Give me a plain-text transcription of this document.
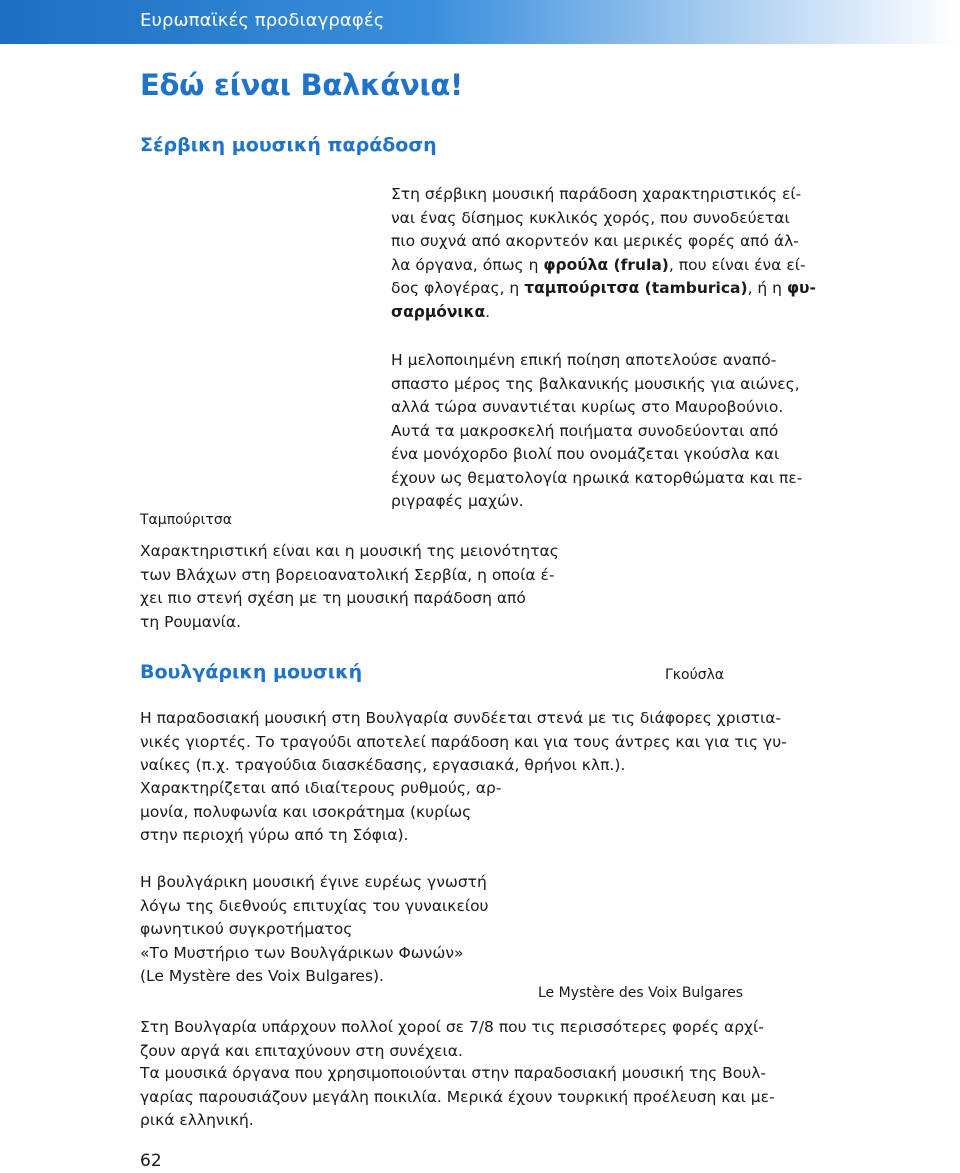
Ευρωπαϊκές προδιαγραφές
Εδώ είναι Βαλκάνια!
Σέρβικη μουσική παράδοση

Στη σέρβικη μουσική παράδοση χαρακτηριστικός εί-
ναι ένας δίσημος κυκλικός χορός, που συνοδεύεται
πιο συχνά από ακορντεόν και μερικές φορές από άλ-
λα όργανα, όπως η φρούλα (frula), που είναι ένα εί-
δος φλογέρας, η ταμπούριτσα (tamburica), ή η φυ-
σαρμόνικα.

Η μελοποιημένη επική ποίηση αποτελούσε αναπό-
σπαστο μέρος της βαλκανικής μουσικής για αιώνες,
αλλά τώρα συναντιέται κυρίως στο Μαυροβούνιο.
Αυτά τα μακροσκελή ποιήματα συνοδεύονται από
ένα μονόχορδο βιολί που ονομάζεται γκούσλα και
έχουν ως θεματολογία ηρωικά κατορθώματα και πε-
ριγραφές μαχών.

Ταμπούριτσα

Χαρακτηριστική είναι και η μουσική της μειονότητας
των Βλάχων στη βορειοανατολική Σερβία, η οποία έ-
χει πιο στενή σχέση με τη μουσική παράδοση από
τη Ρουμανία.

Βουλγάρικη μουσική	Γκούσλα

Η παραδοσιακή μουσική στη Βουλγαρία συνδέεται στενά με τις διάφορες χριστια-
νικές γιορτές. Το τραγούδι αποτελεί παράδοση και για τους άντρες και για τις γυ-
ναίκες (π.χ. τραγούδια διασκέδασης, εργασιακά, θρήνοι κλπ.).

Χαρακτηρίζεται από ιδιαίτερους ρυθμούς, αρ-
μονία, πολυφωνία και ισοκράτημα (κυρίως
στην περιοχή γύρω από τη Σόφια).

Η βουλγάρικη μουσική έγινε ευρέως γνωστή
λόγω της διεθνούς επιτυχίας του γυναικείου
φωνητικού συγκροτήματος
«Το Μυστήριο των Βουλγάρικων Φωνών»
(Le Mystère des Voix Bulgares).

Le Mystère des Voix Bulgares

Στη Βουλγαρία υπάρχουν πολλοί χοροί σε 7/8 που τις περισσότερες φορές αρχί-
ζουν αργά και επιταχύνουν στη συνέχεια.

Τα μουσικά όργανα που χρησιμοποιούνται στην παραδοσιακή μουσική της Βουλ-
γαρίας παρουσιάζουν μεγάλη ποικιλία. Μερικά έχουν τουρκική προέλευση και με-
ρικά ελληνική.

62
